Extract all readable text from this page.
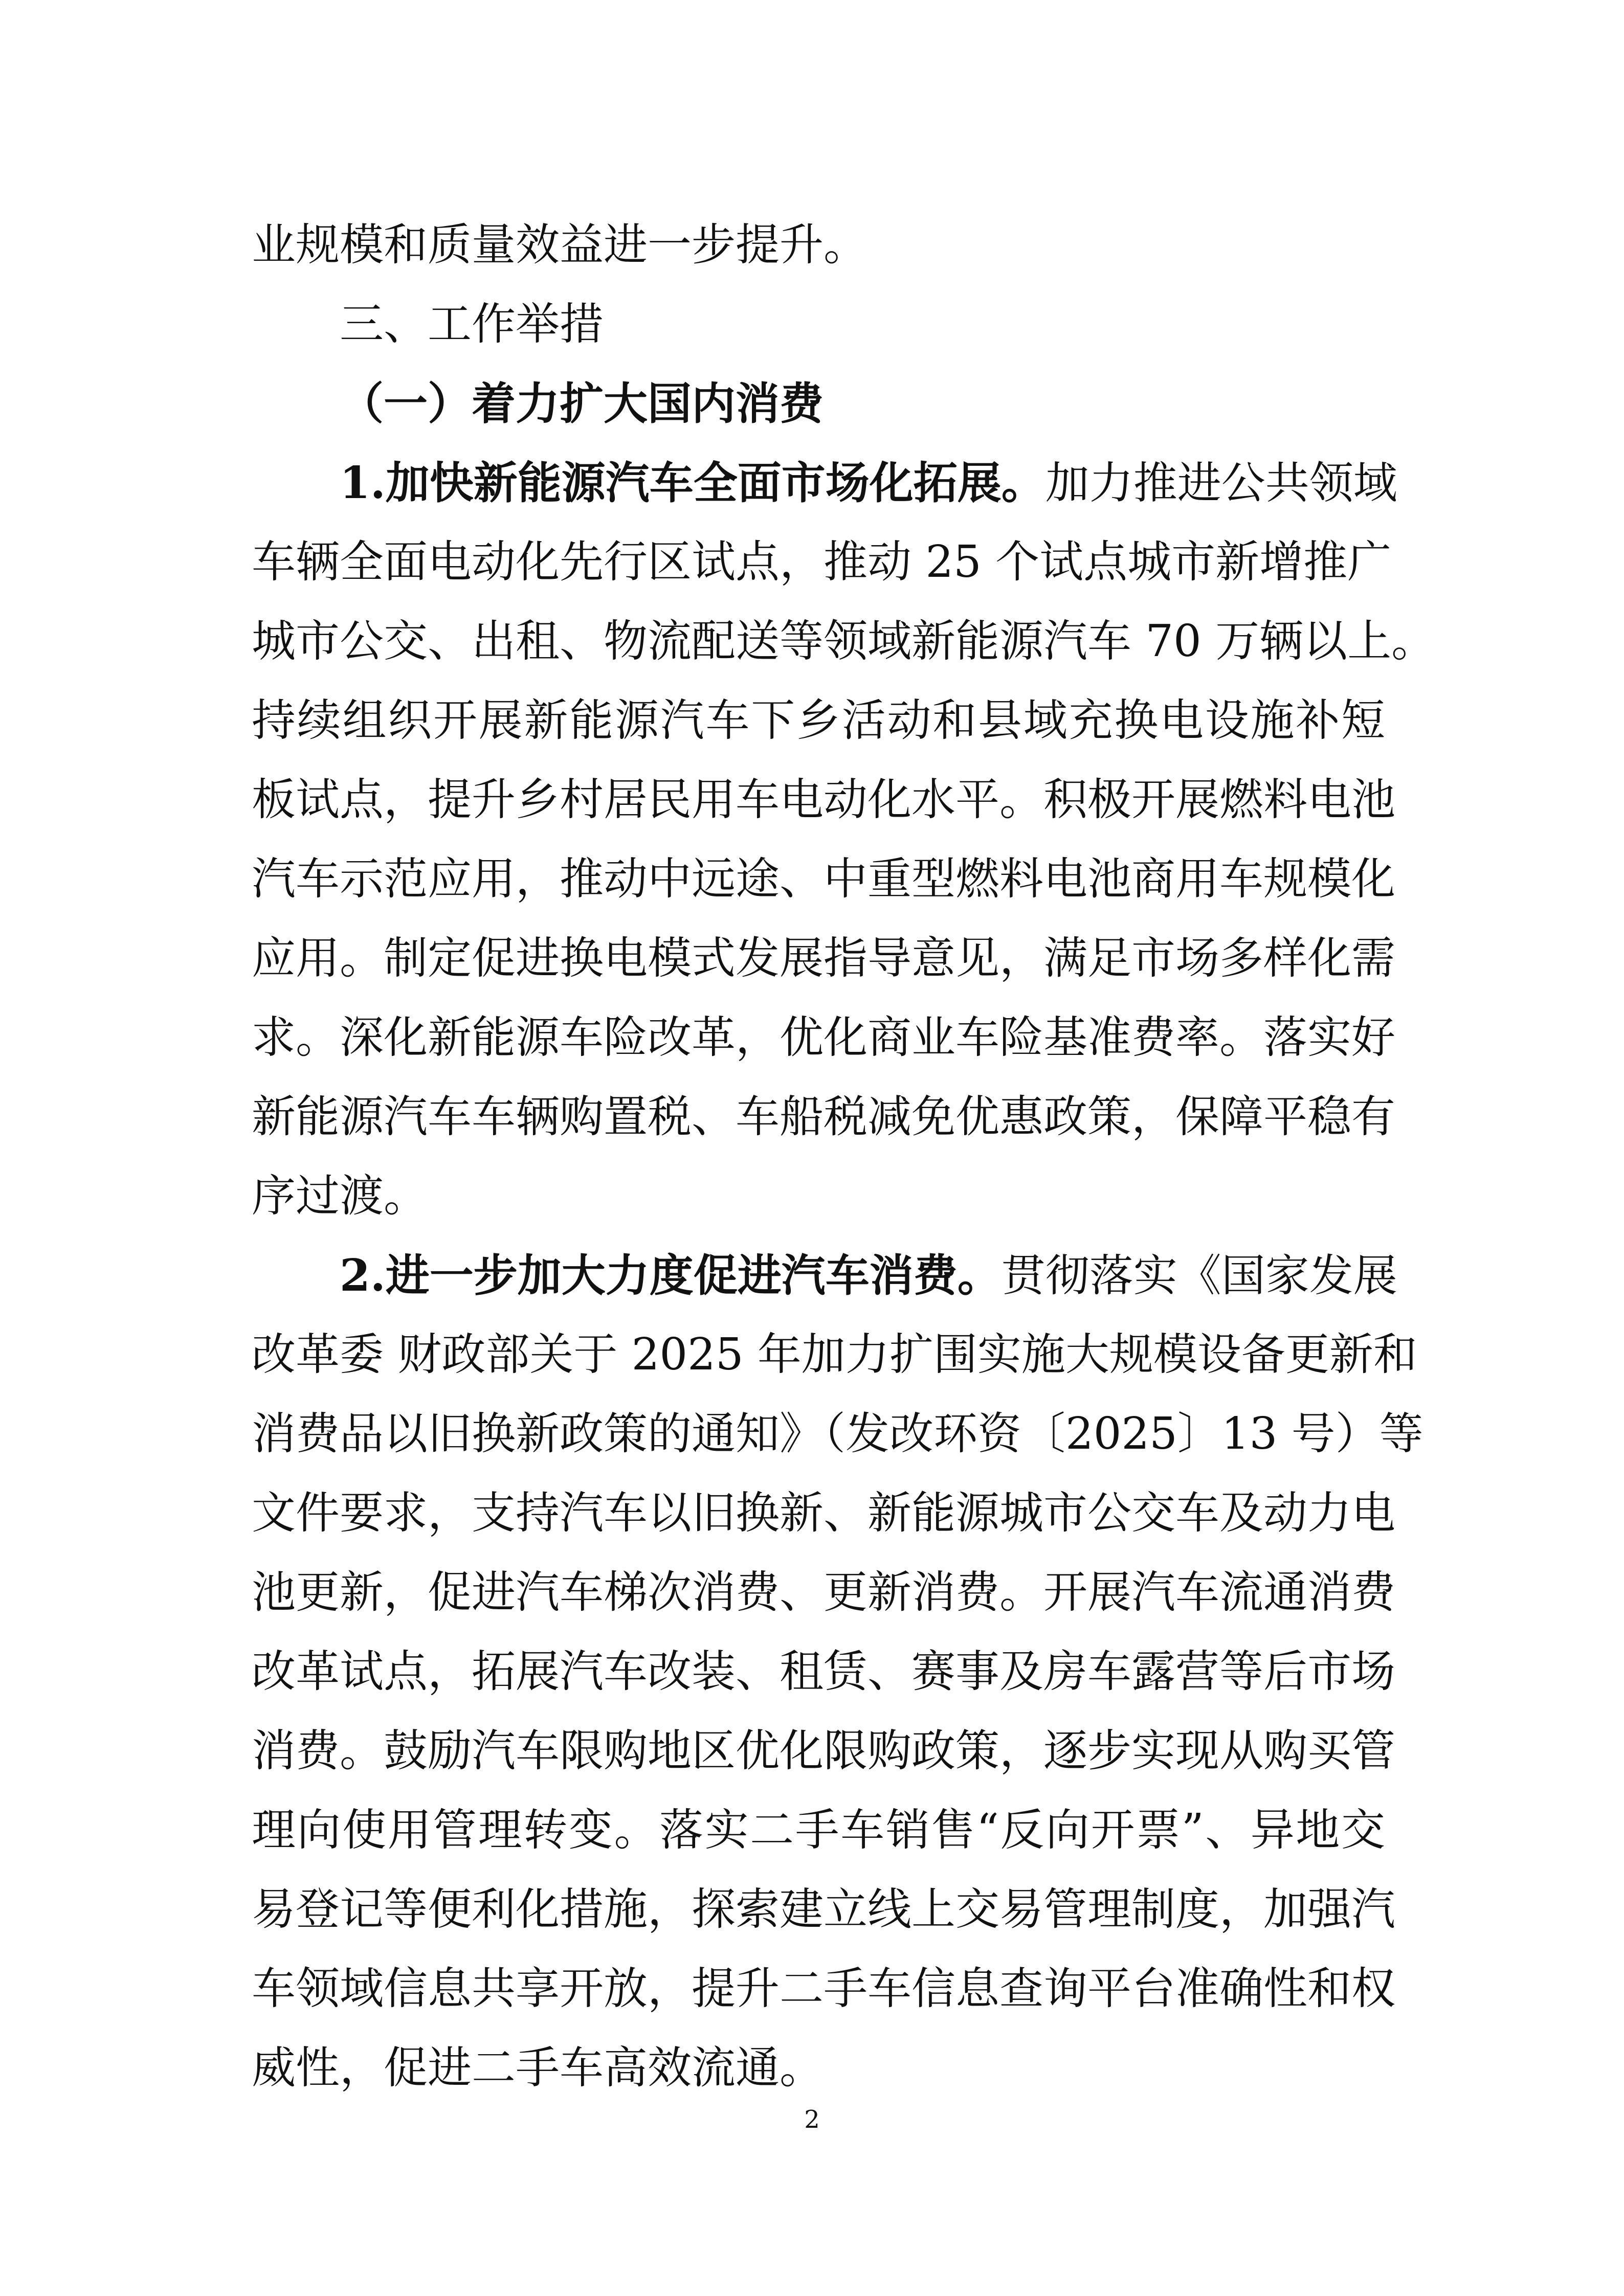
业规模和质量效益进一步提升。
三、工作举措
（一）着力扩大国内消费
1.加快新能源汽车全面市场化拓展。加力推进公共领域
车辆全面电动化先行区试点，推动 25 个试点城市新增推广
城市公交、出租、物流配送等领域新能源汽车 70 万辆以上。
持续组织开展新能源汽车下乡活动和县域充换电设施补短
板试点，提升乡村居民用车电动化水平。积极开展燃料电池
汽车示范应用，推动中远途、中重型燃料电池商用车规模化
应用。制定促进换电模式发展指导意见，满足市场多样化需
求。深化新能源车险改革，优化商业车险基准费率。落实好
新能源汽车车辆购置税、车船税减免优惠政策，保障平稳有
序过渡。
2.进一步加大力度促进汽车消费。贯彻落实《国家发展
改革委 财政部关于 2025 年加力扩围实施大规模设备更新和
消费品以旧换新政策的通知》（发改环资〔2025〕13 号）等
文件要求，支持汽车以旧换新、新能源城市公交车及动力电
池更新，促进汽车梯次消费、更新消费。开展汽车流通消费
改革试点，拓展汽车改装、租赁、赛事及房车露营等后市场
消费。鼓励汽车限购地区优化限购政策，逐步实现从购买管
理向使用管理转变。落实二手车销售“反向开票”、异地交
易登记等便利化措施，探索建立线上交易管理制度，加强汽
车领域信息共享开放，提升二手车信息查询平台准确性和权
威性，促进二手车高效流通。
2
